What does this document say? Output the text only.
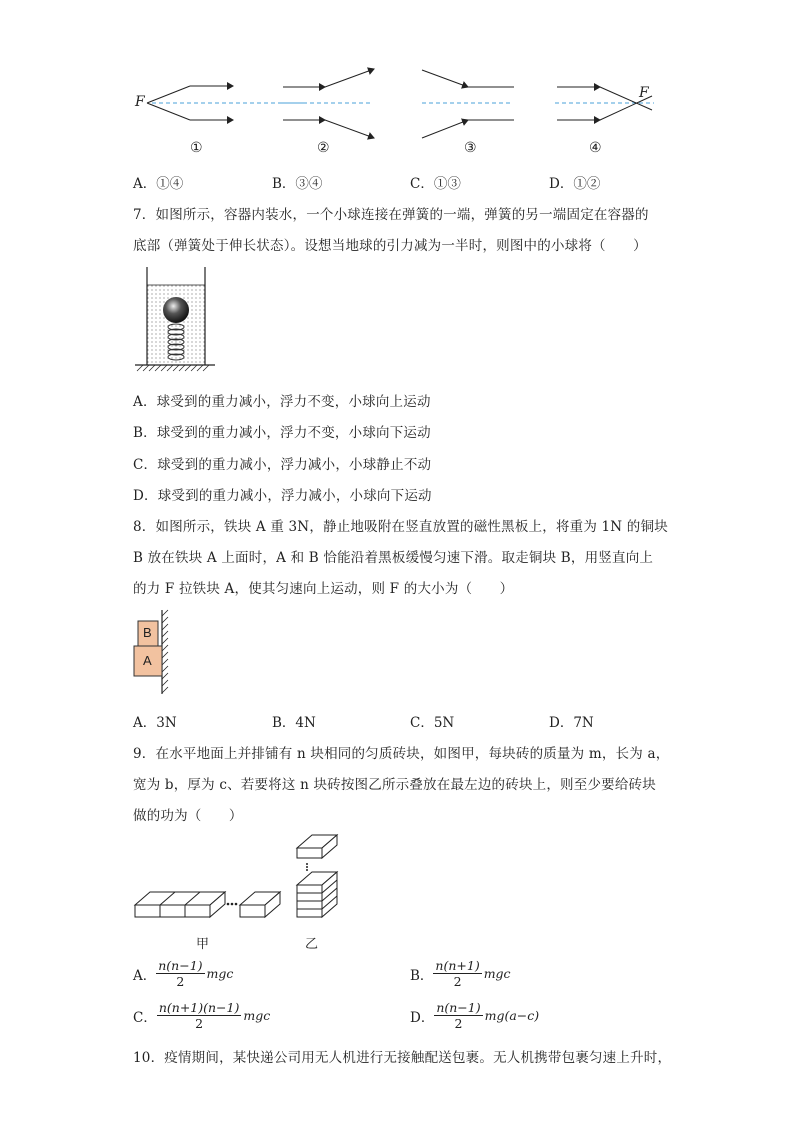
F
F
①	②	③	④
A．①④	B．③④	C．①③	D．①②
7．如图所示，容器内装水，一个小球连接在弹簧的一端，弹簧的另一端固定在容器的
底部（弹簧处于伸长状态）。设想当地球的引力减为一半时，则图中的小球将（　　）
A．球受到的重力减小，浮力不变，小球向上运动
B．球受到的重力减小，浮力不变，小球向下运动
C．球受到的重力减小，浮力减小，小球静止不动
D．球受到的重力减小，浮力减小，小球向下运动
8．如图所示，铁块 A 重 3N，静止地吸附在竖直放置的磁性黑板上，将重为 1N 的铜块
B 放在铁块 A 上面时，A 和 B 恰能沿着黑板缓慢匀速下滑。取走铜块 B，用竖直向上
的力 F 拉铁块 A，使其匀速向上运动，则 F 的大小为（　　）
B
A
A．3N	B．4N	C．5N	D．7N
9．在水平地面上并排铺有 n 块相同的匀质砖块，如图甲，每块砖的质量为 m，长为 a，
宽为 b，厚为 c、若要将这 n 块砖按图乙所示叠放在最左边的砖块上，则至少要给砖块
做的功为（　　）
甲	乙
A． $\frac{n(n-1)}{2}$ mgc	B． $\frac{n(n+1)}{2}$ mgc
C． $\frac{n(n+1)(n-1)}{2}$ mgc	D． $\frac{n(n-1)}{2} mg(a-c)$
10．疫情期间，某快递公司用无人机进行无接触配送包裹。无人机携带包裹匀速上升时，
